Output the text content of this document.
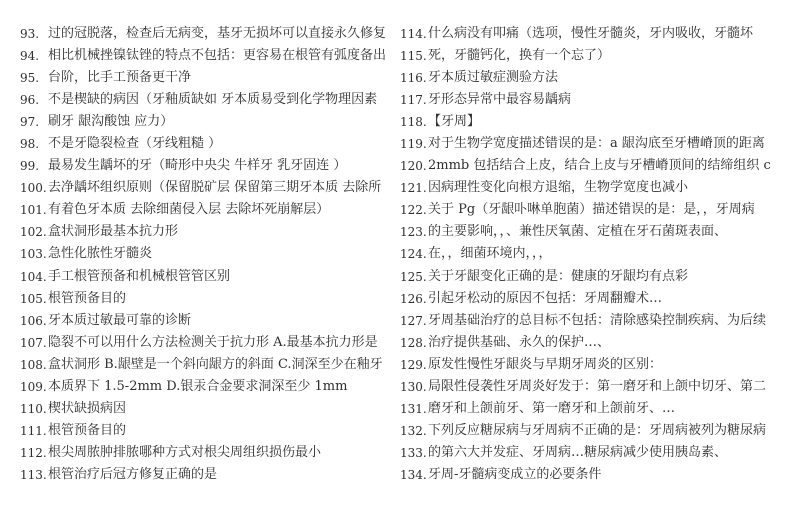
93. 过的冠脱落，检查后无病变，基牙无损坏可以直接永久修复
94. 相比机械挫镍钛锉的特点不包括：更容易在根管有弧度备出
95. 台阶，比手工预备更干净
96. 不是楔缺的病因（牙釉质缺如 牙本质易受到化学物理因素
97. 刷牙 龈沟酸蚀 应力）
98. 不是牙隐裂检查（牙线粗糙 ）
99. 最易发生龋坏的牙（畸形中央尖 牛样牙 乳牙固连 ）
100. 去净龋坏组织原则（保留脱矿层 保留第三期牙本质 去除所
101. 有着色牙本质 去除细菌侵入层 去除坏死崩解层）
102. 盒状洞形最基本抗力形
103. 急性化脓性牙髓炎
104. 手工根管预备和机械根管管区别
105. 根管预备目的
106. 牙本质过敏最可靠的诊断
107. 隐裂不可以用什么方法检测关于抗力形 A.最基本抗力形是
108. 盒状洞形 B.龈壁是一个斜向龈方的斜面 C.洞深至少在釉牙
109. 本质界下 1.5-2mm D.银汞合金要求洞深至少 1mm
110. 楔状缺损病因
111. 根管预备目的
112. 根尖周脓肿排脓哪种方式对根尖周组织损伤最小
113. 根管治疗后冠方修复正确的是
114. 什么病没有叩痛（选项，慢性牙髓炎，牙内吸收，牙髓坏
115. 死，牙髓钙化，换有一个忘了）
116. 牙本质过敏症测验方法
117. 牙形态异常中最容易龋病
118. 【牙周】
119. 对于生物学宽度描述错误的是：a 龈沟底至牙槽嵴顶的距离
120. 2mmb 包括结合上皮，结合上皮与牙槽嵴顶间的结缔组织 c
121. 因病理性变化向根方退缩，生物学宽度也减小
122. 关于 Pg（牙龈卟啉单胞菌）描述错误的是：是，，牙周病
123. 的主要影响，，、兼性厌氧菌、定植在牙石菌斑表面、
124. 在，，细菌环境内，，，
125. 关于牙龈变化正确的是：健康的牙龈均有点彩
126. 引起牙松动的原因不包括：牙周翻瓣术…
127. 牙周基础治疗的总目标不包括：清除感染控制疾病、为后续
128. 治疗提供基础、永久的保护…、
129. 原发性慢性牙龈炎与早期牙周炎的区别：
130. 局限性侵袭性牙周炎好发于：第一磨牙和上颌中切牙、第二
131. 磨牙和上颌前牙、第一磨牙和上颌前牙、…
132. 下列反应糖尿病与牙周病不正确的是：牙周病被列为糖尿病
133. 的第六大并发症、牙周病…糖尿病减少使用胰岛素、
134. 牙周-牙髓病变成立的必要条件
